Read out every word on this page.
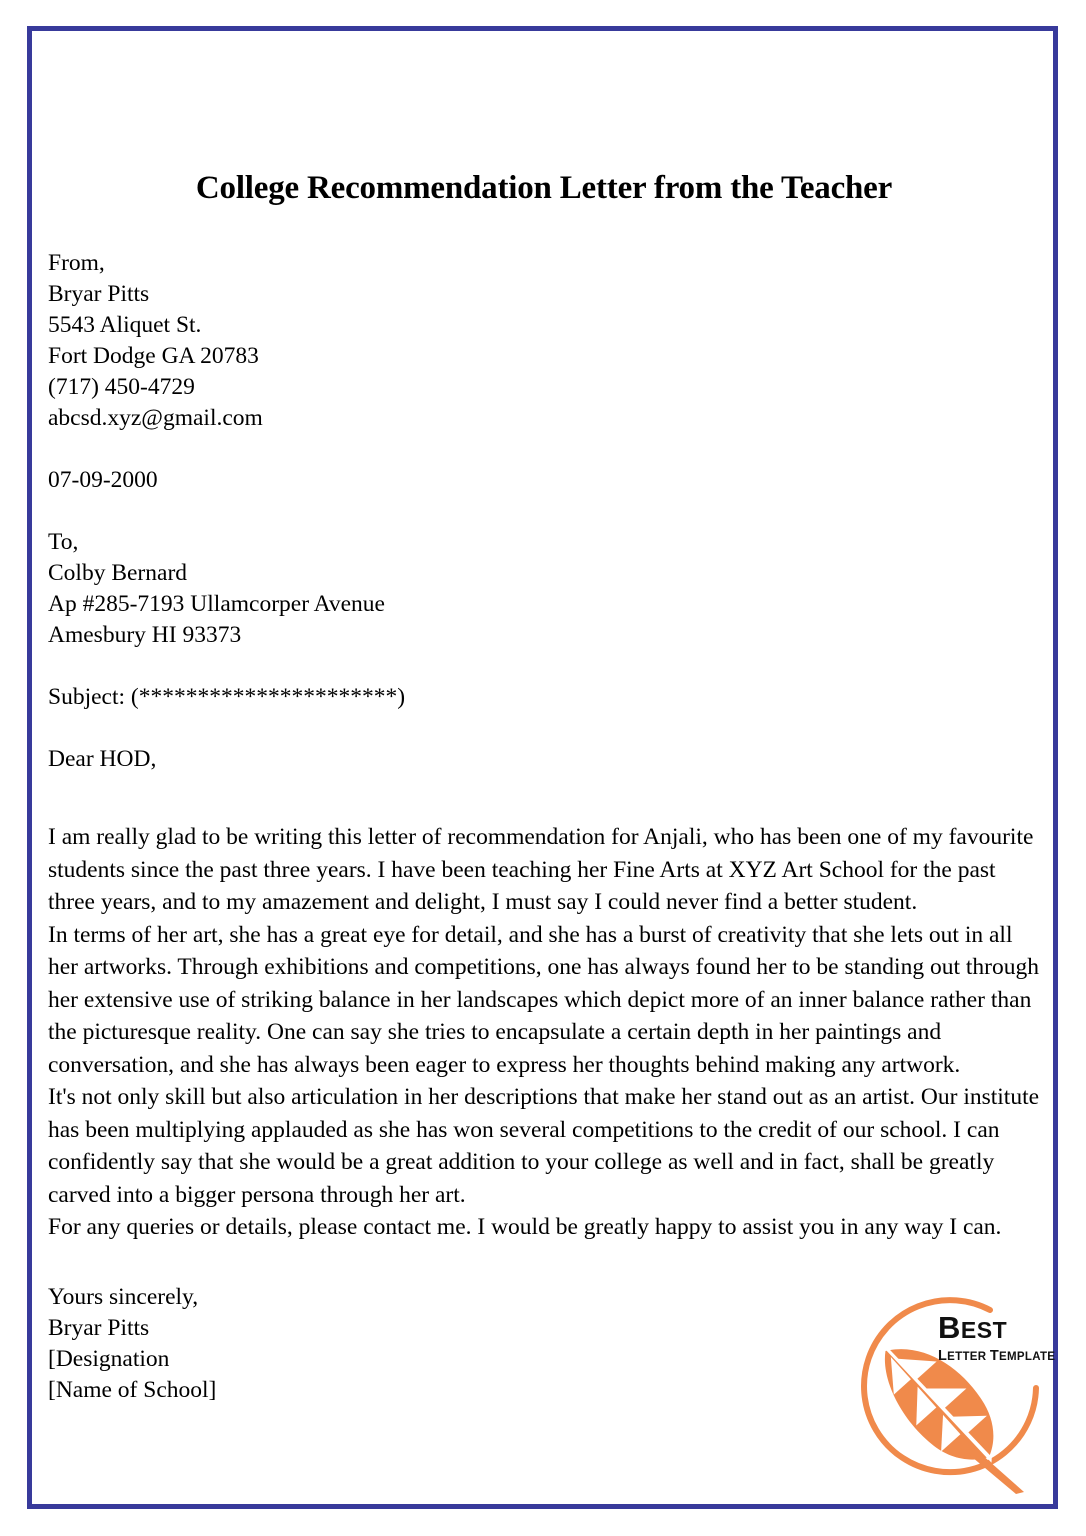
College Recommendation Letter from the Teacher
From,
Bryar Pitts
5543 Aliquet St.
Fort Dodge GA 20783
(717) 450-4729
abcsd.xyz@gmail.com
07-09-2000
To,
Colby Bernard
Ap #285-7193 Ullamcorper Avenue
Amesbury HI 93373
Subject: (**********************)
Dear HOD,

I am really glad to be writing this letter of recommendation for Anjali, who has been one of my favourite students since the past three years. I have been teaching her Fine Arts at XYZ Art School for the past three years, and to my amazement and delight, I must say I could never find a better student.

In terms of her art, she has a great eye for detail, and she has a burst of creativity that she lets out in all her artworks. Through exhibitions and competitions, one has always found her to be standing out through her extensive use of striking balance in her landscapes which depict more of an inner balance rather than the picturesque reality. One can say she tries to encapsulate a certain depth in her paintings and conversation, and she has always been eager to express her thoughts behind making any artwork.

It's not only skill but also articulation in her descriptions that make her stand out as an artist. Our institute has been multiplying applauded as she has won several competitions to the credit of our school. I can confidently say that she would be a great addition to your college as well and in fact, shall be greatly carved into a bigger persona through her art.

For any queries or details, please contact me. I would be greatly happy to assist you in any way I can.

Yours sincerely,
Bryar Pitts
[Designation
[Name of School]
BEST
LETTER TEMPLATE
